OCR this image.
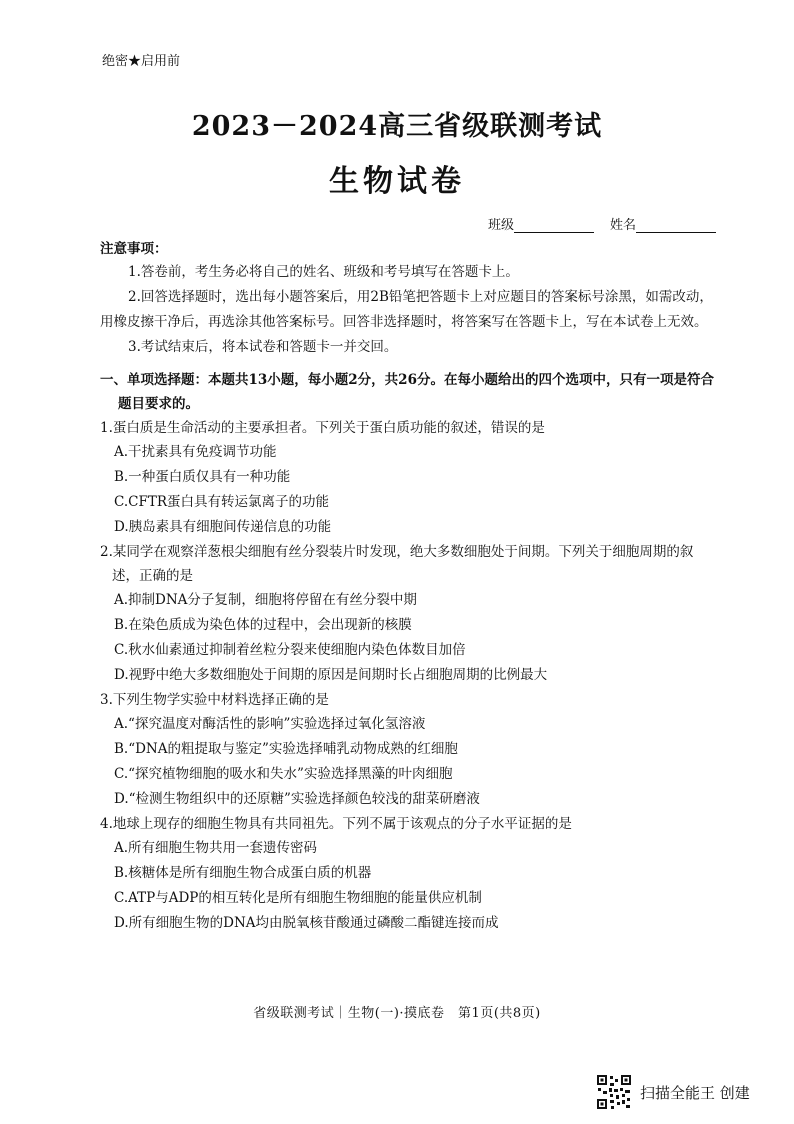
绝密★启用前
2023－2024高三省级联测考试
生物试卷
班级	姓名
注意事项：

1.答卷前，考生务必将自己的姓名、班级和考号填写在答题卡上。

2.回答选择题时，选出每小题答案后，用2B铅笔把答题卡上对应题目的答案标号涂黑，如需改动，用橡皮擦干净后，再选涂其他答案标号。回答非选择题时，将答案写在答题卡上，写在本试卷上无效。

3.考试结束后，将本试卷和答题卡一并交回。

一、单项选择题：本题共13小题，每小题2分，共26分。在每小题给出的四个选项中，只有一项是符合题目要求的。

1.蛋白质是生命活动的主要承担者。下列关于蛋白质功能的叙述，错误的是

A.干扰素具有免疫调节功能

B.一种蛋白质仅具有一种功能

C.CFTR蛋白具有转运氯离子的功能

D.胰岛素具有细胞间传递信息的功能

2.某同学在观察洋葱根尖细胞有丝分裂装片时发现，绝大多数细胞处于间期。下列关于细胞周期的叙述，正确的是

A.抑制DNA分子复制，细胞将停留在有丝分裂中期

B.在染色质成为染色体的过程中，会出现新的核膜

C.秋水仙素通过抑制着丝粒分裂来使细胞内染色体数目加倍

D.视野中绝大多数细胞处于间期的原因是间期时长占细胞周期的比例最大

3.下列生物学实验中材料选择正确的是

A.“探究温度对酶活性的影响”实验选择过氧化氢溶液

B.“DNA的粗提取与鉴定”实验选择哺乳动物成熟的红细胞

C.“探究植物细胞的吸水和失水”实验选择黑藻的叶肉细胞

D.“检测生物组织中的还原糖”实验选择颜色较浅的甜菜研磨液

4.地球上现存的细胞生物具有共同祖先。下列不属于该观点的分子水平证据的是

A.所有细胞生物共用一套遗传密码

B.核糖体是所有细胞生物合成蛋白质的机器

C.ATP与ADP的相互转化是所有细胞生物细胞的能量供应机制

D.所有细胞生物的DNA均由脱氧核苷酸通过磷酸二酯键连接而成

省级联测考试｜生物(一)·摸底卷　第1页(共8页)
扫描全能王 创建
